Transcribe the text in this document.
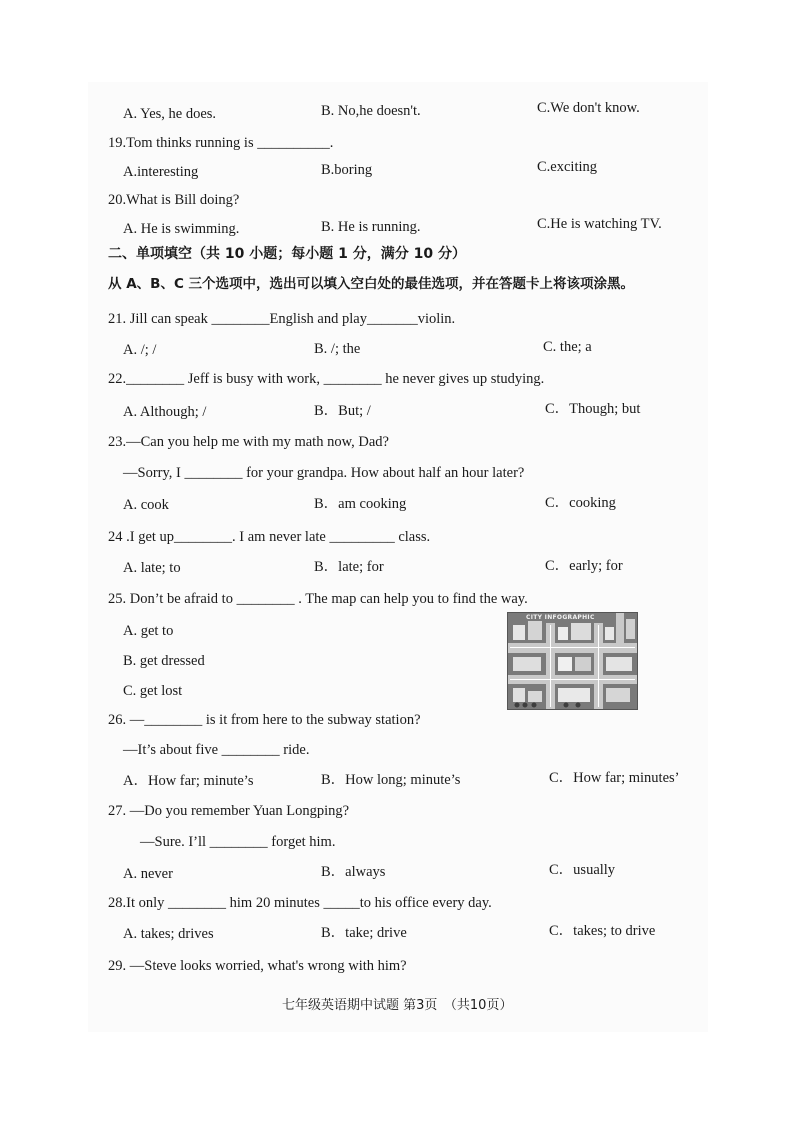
A. Yes, he does.	B. No,he doesn't.	C.We don't know.
19.Tom thinks running is __________.
A.interesting	B.boring	C.exciting
20.What is Bill doing?
A. He is swimming.	B. He is running.	C.He is watching TV.
二、单项填空（共 10 小题；每小题 1 分，满分 10 分）
从 A、B、C 三个选项中，选出可以填入空白处的最佳选项，并在答题卡上将该项涂黑。
21. Jill can speak ________English and play_______violin.
A. /; /	B. /; the	C. the; a
22.________ Jeff is busy with work, ________ he never gives up studying.
A. Although; /	B．But; /	C．Though; but
23.—Can you help me with my math now, Dad?
—Sorry, I ________ for your grandpa. How about half an hour later?
A. cook	B．am cooking	C．cooking
24 .I get up________. I am never late _________ class.
A. late; to	B．late; for	C．early; for
25. Don’t be afraid to ________ . The map can help you to find the way.
A. get to
B. get dressed
C. get lost
CITY INFOGRAPHIC
26. —________ is it from here to the subway station?
—It’s about five ________ ride.
A．How far; minute’s	B．How long; minute’s	C．How far; minutes’
27. —Do you remember Yuan Longping?
—Sure. I’ll ________ forget him.
A. never	B．always	C．usually
28.It only ________ him 20 minutes _____to his office every day.
A. takes; drives	B．take; drive	C．takes; to drive
29. —Steve looks worried, what's wrong with him?
七年级英语期中试题 第3页　（共10页）
